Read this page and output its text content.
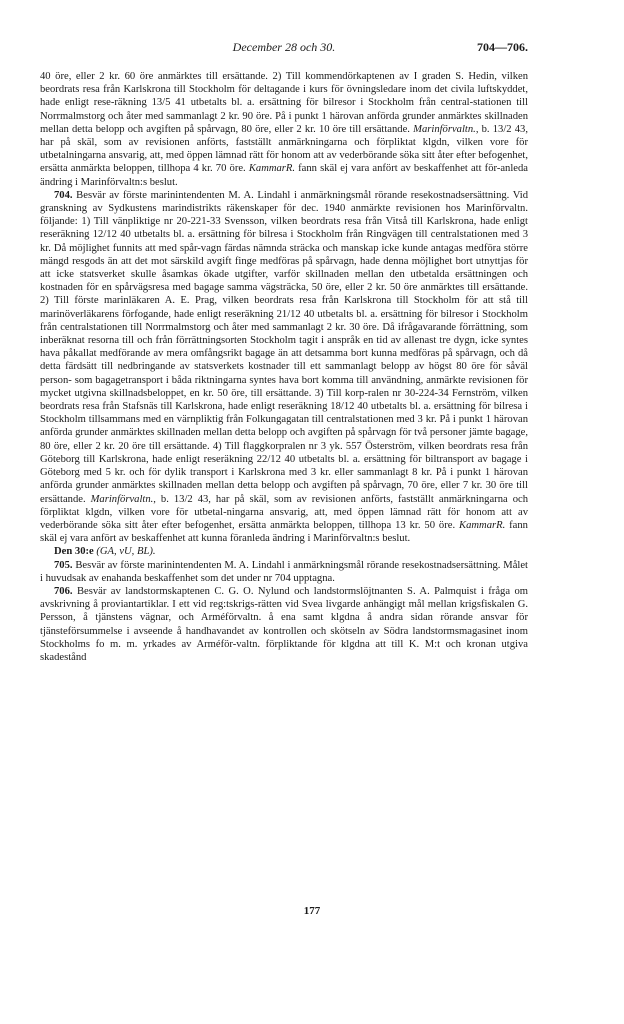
December 28 och 30.	704—706.

40 öre, eller 2 kr. 60 öre anmärktes till ersättande. 2) Till kommendörkaptenen av I graden S. Hedin, vilken beordrats resa från Karlskrona till Stockholm för deltagande i kurs för övningsledare inom det civila luftskyddet, hade enligt rese-räkning 13/5 41 utbetalts bl. a. ersättning för bilresor i Stockholm från central-stationen till Norrmalmstorg och åter med sammanlagt 2 kr. 90 öre. På i punkt 1 härovan anförda grunder anmärktes skillnaden mellan detta belopp och avgiften på spårvagn, 80 öre, eller 2 kr. 10 öre till ersättande. Marinförvaltn., b. 13/2 43, har på skäl, som av revisionen anförts, fastställt anmärkningarna och förpliktat klgdn, vilken vore för utbetalningarna ansvarig, att, med öppen lämnad rätt för honom att av vederbörande söka sitt åter efter befogenhet, ersätta anmärkta beloppen, tillhopa 4 kr. 70 öre. KammarR. fann skäl ej vara anfört av beskaffenhet att för-anleda ändring i Marinförvaltn:s beslut.

704. Besvär av förste marinintendenten M. A. Lindahl i anmärkningsmål rörande resekostnadsersättning. Vid granskning av Sydkustens marindistrikts räkenskaper för dec. 1940 anmärkte revisionen hos Marinförvaltn. följande: 1) Till vänpliktige nr 20-221-33 Svensson, vilken beordrats resa från Vitså till Karlskrona, hade enligt reseräkning 12/12 40 utbetalts bl. a. ersättning för bilresa i Stockholm från Ringvägen till centralstationen med 3 kr. Då möjlighet funnits att med spår-vagn färdas nämnda sträcka och manskap icke kunde antagas medföra större mängd resgods än att det mot särskild avgift finge medföras på spårvagn, hade denna möjlighet bort utnyttjas för att icke statsverket skulle åsamkas ökade utgifter, varför skillnaden mellan den utbetalda ersättningen och kostnaden för en spårvägsresa med bagage samma vägsträcka, 50 öre, eller 2 kr. 50 öre anmärktes till ersättande. 2) Till förste marinläkaren A. E. Prag, vilken beordrats resa från Karlskrona till Stockholm för att stå till marinöverläkarens förfogande, hade enligt reseräkning 21/12 40 utbetalts bl. a. ersättning för bilresor i Stockholm från centralstationen till Norrmalmstorg och åter med sammanlagt 2 kr. 30 öre. Då ifrågavarande förrättning, som inberäknat resorna till och från förrättningsorten Stockholm tagit i anspråk en tid av allenast tre dygn, icke syntes hava påkallat medförande av mera omfångsrikt bagage än att detsamma bort kunna medföras på spårvagn, och då detta färdsätt till nedbringande av statsverkets kostnader till ett sammanlagt belopp av högst 80 öre för såväl person- som bagagetransport i båda riktningarna syntes hava bort komma till användning, anmärkte revisionen för mycket utgivna skillnadsbeloppet, en kr. 50 öre, till ersättande. 3) Till korp-ralen nr 30-224-34 Fernström, vilken beordrats resa från Stafsnäs till Karlskrona, hade enligt reseräkning 18/12 40 utbetalts bl. a. ersättning för bilresa i Stockholm tillsammans med en värnpliktig från Folkungagatan till centralstationen med 3 kr. På i punkt 1 härovan anförda grunder anmärktes skillnaden mellan detta belopp och avgiften på spårvagn för två personer jämte bagage, 80 öre, eller 2 kr. 20 öre till ersättande. 4) Till flaggkorpralen nr 3 yk. 557 Österström, vilken beordrats resa från Göteborg till Karlskrona, hade enligt reseräkning 22/12 40 utbetalts bl. a. ersättning för biltransport av bagage i Göteborg med 5 kr. och för dylik transport i Karlskrona med 3 kr. eller sammanlagt 8 kr. På i punkt 1 härovan anförda grunder anmärktes skillnaden mellan detta belopp och avgiften på spårvagn, 70 öre, eller 7 kr. 30 öre till ersättande. Marinförvaltn., b. 13/2 43, har på skäl, som av revisionen anförts, fastställt anmärkningarna och förpliktat klgdn, vilken vore för utbetal-ningarna ansvarig, att, med öppen lämnad rätt för honom att av vederbörande söka sitt åter efter befogenhet, ersätta anmärkta beloppen, tillhopa 13 kr. 50 öre. KammarR. fann skäl ej vara anfört av beskaffenhet att kunna föranleda ändring i Marinförvaltn:s beslut.

Den 30:e (GA, vU, BL).

705. Besvär av förste marinintendenten M. A. Lindahl i anmärkningsmål rörande resekostnadsersättning. Målet i huvudsak av enahanda beskaffenhet som det under nr 704 upptagna.

706. Besvär av landstormskaptenen C. G. O. Nylund och landstormslöjtnanten S. A. Palmquist i fråga om avskrivning å proviantartiklar. I ett vid reg:tskrigs-rätten vid Svea livgarde anhängigt mål mellan krigsfiskalen G. Persson, å tjänstens vägnar, och Arméförvaltn. å ena samt klgdna å andra sidan rörande ansvar för tjänsteförsummelse i avseende å handhavandet av kontrollen och skötseln av Södra landstormsmagasinet inom Stockholms fo m. m. yrkades av Arméför-valtn. förpliktande för klgdna att till K. M:t och kronan utgiva skadestånd

177
